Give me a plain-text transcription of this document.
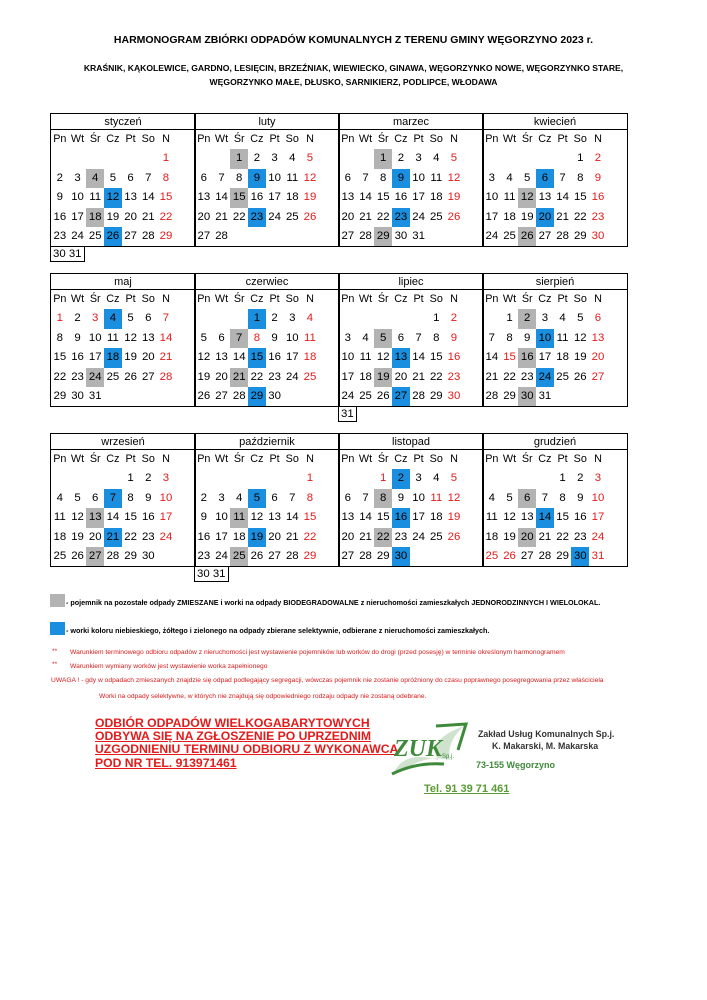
HARMONOGRAM ZBIÓRKI ODPADÓW KOMUNALNYCH Z TERENU GMINY WĘGORZYNO 2023 r.
KRAŚNIK, KĄKOLEWICE, GARDNO, LESIĘCIN, BRZEŹNIAK, WIEWIECKO, GINAWA, WĘGORZYNKO NOWE, WĘGORZYNKO STARE,
WĘGORZYNKO MAŁE, DŁUSKO, SARNIKIERZ, PODLIPCE, WŁODAWA
styczeń
Pn Wt Śr Cz Pt So N
1
2 3 4 5 6 7 8
9 10 11 12 13 14 15
16 17 18 19 20 21 22
23 24 25 26 27 28 29
30 31
luty
Pn Wt Śr Cz Pt So N
1 2 3 4 5
6 7 8 9 10 11 12
13 14 15 16 17 18 19
20 21 22 23 24 25 26
27 28
marzec
Pn Wt Śr Cz Pt So N
1 2 3 4 5
6 7 8 9 10 11 12
13 14 15 16 17 18 19
20 21 22 23 24 25 26
27 28 29 30 31
kwiecień
Pn Wt Śr Cz Pt So N
1 2
3 4 5 6 7 8 9
10 11 12 13 14 15 16
17 18 19 20 21 22 23
24 25 26 27 28 29 30
maj
Pn Wt Śr Cz Pt So N
1 2 3 4 5 6 7
8 9 10 11 12 13 14
15 16 17 18 19 20 21
22 23 24 25 26 27 28
29 30 31
czerwiec
Pn Wt Śr Cz Pt So N
1 2 3 4
5 6 7 8 9 10 11
12 13 14 15 16 17 18
19 20 21 22 23 24 25
26 27 28 29 30
lipiec
Pn Wt Śr Cz Pt So N
1 2
3 4 5 6 7 8 9
10 11 12 13 14 15 16
17 18 19 20 21 22 23
24 25 26 27 28 29 30
31
sierpień
Pn Wt Śr Cz Pt So N
1 2 3 4 5 6
7 8 9 10 11 12 13
14 15 16 17 18 19 20
21 22 23 24 25 26 27
28 29 30 31
wrzesień
Pn Wt Śr Cz Pt So N
1 2 3
4 5 6 7 8 9 10
11 12 13 14 15 16 17
18 19 20 21 22 23 24
25 26 27 28 29 30
październik
Pn Wt Śr Cz Pt So N
1
2 3 4 5 6 7 8
9 10 11 12 13 14 15
16 17 18 19 20 21 22
23 24 25 26 27 28 29
30 31
listopad
Pn Wt Śr Cz Pt So N
1 2 3 4 5
6 7 8 9 10 11 12
13 14 15 16 17 18 19
20 21 22 23 24 25 26
27 28 29 30
grudzień
Pn Wt Śr Cz Pt So N
1 2 3
4 5 6 7 8 9 10
11 12 13 14 15 16 17
18 19 20 21 22 23 24
25 26 27 28 29 30 31
- pojemnik na pozostałe odpady ZMIESZANE i worki na odpady BIODEGRADOWALNE z nieruchomości zamieszkałych JEDNORODZINNYCH I WIELOLOKAL.
- worki koloru niebieskiego, żółtego i zielonego na odpady zbierane selektywnie, odbierane z nieruchomości zamieszkałych.
** Warunkiem terminowego odbioru odpadów z nieruchomości jest wystawienie pojemników lub worków do drogi (przed posesję) w terminie określonym harmonogramem
** Warunkiem wymiany worków jest wystawienie worka zapełnionego
UWAGA ! - gdy w odpadach zmieszanych znajdzie się odpad podlegający segregacji, wówczas pojemnik nie zostanie opróżniony do czasu poprawnego posegregowania przez właściciela
Worki na odpady selektywne, w których nie znajdują się odpowiedniego rodzaju odpady nie zostaną odebrane.
ODBIÓR ODPADÓW WIELKOGABARYTOWYCH
ODBYWA SIĘ NA ZGŁOSZENIE PO UPRZEDNIM
UZGODNIENIU TERMINU ODBIORU Z WYKONAWCĄ
POD NR TEL. 913971461
ZUK Sp.j.
Zakład Usług Komunalnych Sp.j.
K. Makarski, M. Makarska
73-155 Węgorzyno
Tel. 91 39 71 461
